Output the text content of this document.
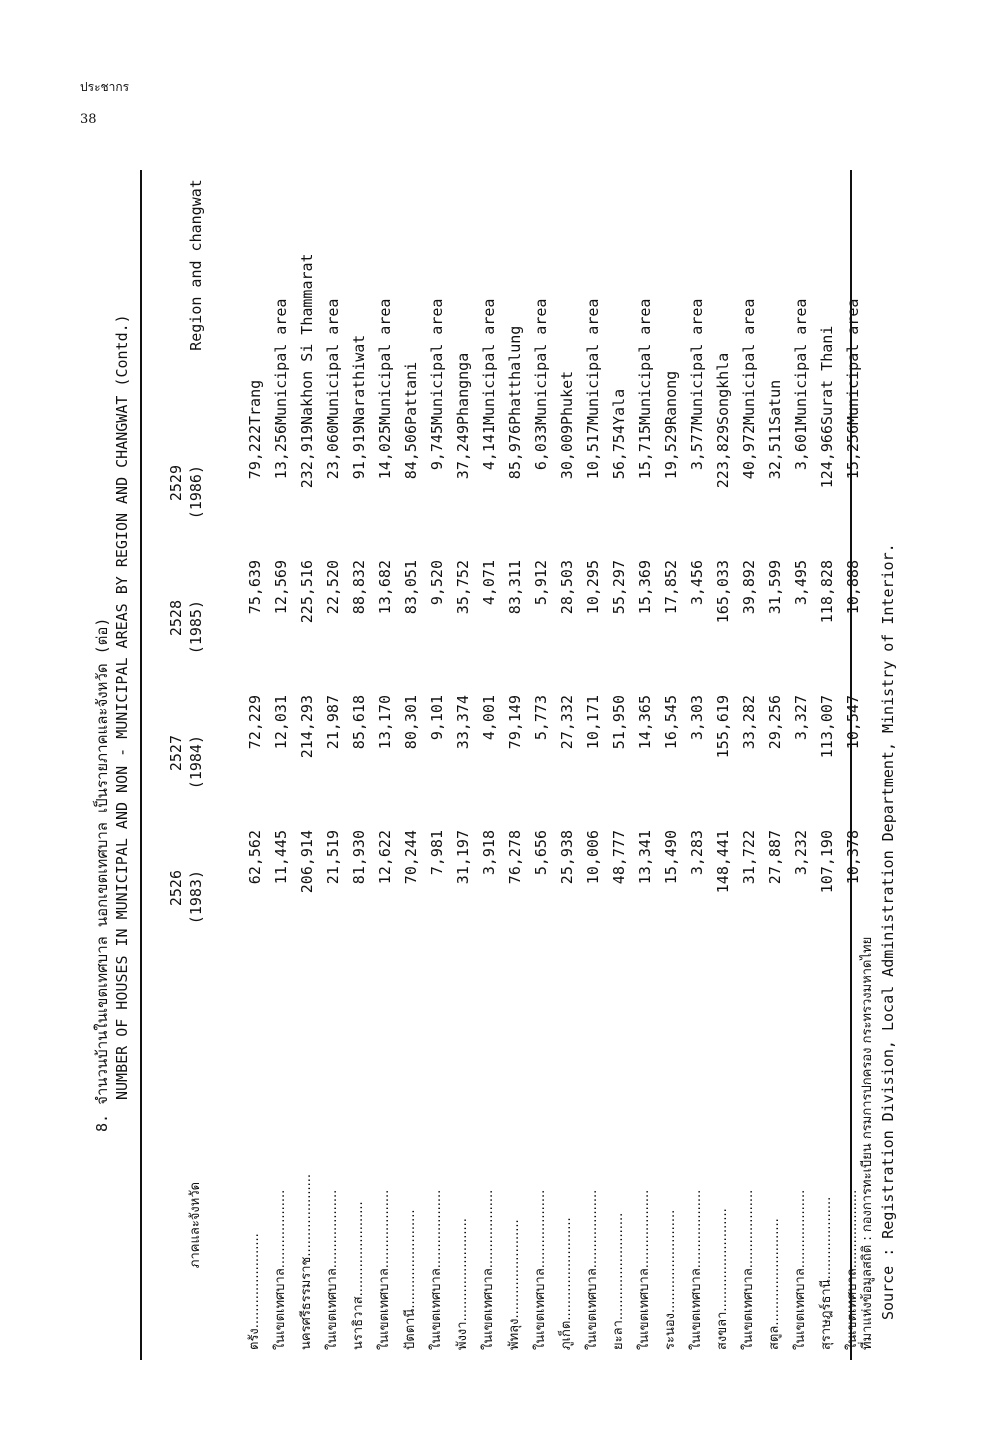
ประชากร
38
8. จำนวนบ้านในเขตเทศบาล นอกเขตเทศบาล เป็นรายภาคและจังหวัด (ต่อ) NUMBER OF HOUSES IN MUNICIPAL AND NON - MUNICIPAL AREAS BY REGION AND CHANGWAT (Contd.)
ภาคและจังหวัด
2526 (1983)
2527 (1984)
2528 (1985)
2529 (1986)
Region and changwat
ตรัง.......................	62,562	72,229	75,639	79,222	Trang
ในเขตเทศบาล...................	11,445	12,031	12,569	13,256	Municipal area
นครศรีธรรมราช....................	206,914	214,293	225,516	232,919	Nakhon Si Thammarat
ในเขตเทศบาล...................	21,519	21,987	22,520	23,060	Municipal area
นราธิวาส.......................	81,930	85,618	88,832	91,919	Narathiwat
ในเขตเทศบาล...................	12,622	13,170	13,682	14,025	Municipal area
ปัตตานี........................	70,244	80,301	83,051	84,506	Pattani
ในเขตเทศบาล...................	7,981	9,101	9,520	9,745	Municipal area
พังงา.........................	31,197	33,374	35,752	37,249	Phangnga
ในเขตเทศบาล...................	3,918	4,001	4,071	4,141	Municipal area
พัทลุง........................	76,278	79,149	83,311	85,976	Phatthalung
ในเขตเทศบาล...................	5,656	5,773	5,912	6,033	Municipal area
ภูเก็ต.........................	25,938	27,332	28,503	30,009	Phuket
ในเขตเทศบาล...................	10,006	10,171	10,295	10,517	Municipal area
ยะลา..........................	48,777	51,950	55,297	56,754	Yala
ในเขตเทศบาล...................	13,341	14,365	15,369	15,715	Municipal area
ระนอง.........................	15,490	16,545	17,852	19,529	Ranong
ในเขตเทศบาล...................	3,283	3,303	3,456	3,577	Municipal area
สงขลา.........................	148,441	155,619	165,033	223,829	Songkhla
ในเขตเทศบาล...................	31,722	33,282	39,892	40,972	Municipal area
สตูล..........................	27,887	29,256	31,599	32,511	Satun
ในเขตเทศบาล...................	3,232	3,327	3,495	3,601	Municipal area
สุราษฎร์ธานี....................	107,190	113,007	118,828	124,966	Surat Thani
ในเขตเทศบาล...................	10,378	10,547	10,888	15,256	Municipal area
ที่มาแห่งข้อมูลสถิติ : กองการทะเบียน กรมการปกครอง กระทรวงมหาดไทย Source : Registration Division, Local Administration Department, Ministry of Interior.
